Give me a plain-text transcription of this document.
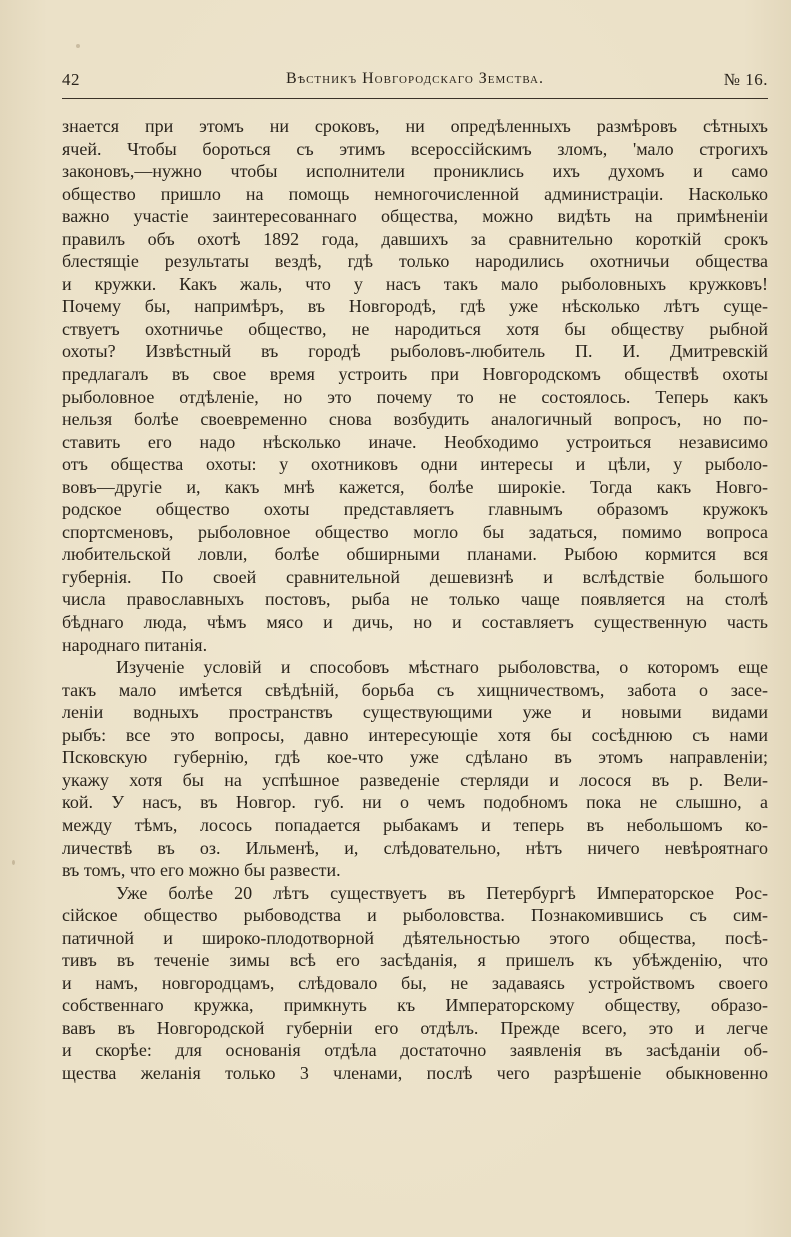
42	Вѣстникъ Новгородскаго Земства.	№ 16.
знается при этомъ ни сроковъ, ни опредѣленныхъ размѣровъ сѣтныхъ
ячей. Чтобы бороться съ этимъ всероссійскимъ зломъ, 'мало строгихъ
законовъ,—нужно чтобы исполнители прониклись ихъ духомъ и само
общество пришло на помощь немногочисленной администраціи. Насколько
важно участіе заинтересованнаго общества, можно видѣть на примѣненіи
правилъ объ охотѣ 1892 года, давшихъ за сравнительно короткій срокъ
блестящіе результаты вездѣ, гдѣ только народились охотничьи общества
и кружки. Какъ жаль, что у насъ такъ мало рыболовныхъ кружковъ!
Почему бы, напримѣръ, въ Новгородѣ, гдѣ уже нѣсколько лѣтъ суще-
ствуетъ охотничье общество, не народиться хотя бы обществу рыбной
охоты? Извѣстный въ городѣ рыболовъ-любитель П. И. Дмитревскій
предлагалъ въ свое время устроить при Новгородскомъ обществѣ охоты
рыболовное отдѣленіе, но это почему то не состоялось. Теперь какъ
нельзя болѣе своевременно снова возбудить аналогичный вопросъ, но по-
ставить его надо нѣсколько иначе. Необходимо устроиться независимо
отъ общества охоты: у охотниковъ одни интересы и цѣли, у рыболо-
вовъ—другіе и, какъ мнѣ кажется, болѣе широкіе. Тогда какъ Новго-
родское общество охоты представляетъ главнымъ образомъ кружокъ
спортсменовъ, рыболовное общество могло бы задаться, помимо вопроса
любительской ловли, болѣе обширными планами. Рыбою кормится вся
губернія. По своей сравнительной дешевизнѣ и вслѣдствіе большого
числа православныхъ постовъ, рыба не только чаще появляется на столѣ
бѣднаго люда, чѣмъ мясо и дичь, но и составляетъ существенную часть
народнаго питанія.
Изученіе условій и способовъ мѣстнаго рыболовства, о которомъ еще
такъ мало имѣется свѣдѣній, борьба съ хищничествомъ, забота о засе-
леніи водныхъ пространствъ существующими уже и новыми видами
рыбъ: все это вопросы, давно интересующіе хотя бы сосѣднюю съ нами
Псковскую губернію, гдѣ кое-что уже сдѣлано въ этомъ направленіи;
укажу хотя бы на успѣшное разведеніе стерляди и лосося въ р. Вели-
кой. У насъ, въ Новгор. губ. ни о чемъ подобномъ пока не слышно, а
между тѣмъ, лосось попадается рыбакамъ и теперь въ небольшомъ ко-
личествѣ въ оз. Ильменѣ, и, слѣдовательно, нѣтъ ничего невѣроятнаго
въ томъ, что его можно бы развести.
Уже болѣе 20 лѣтъ существуетъ въ Петербургѣ Императорское Рос-
сійское общество рыбоводства и рыболовства. Познакомившись съ сим-
патичной и широко-плодотворной дѣятельностью этого общества, посѣ-
тивъ въ теченіе зимы всѣ его засѣданія, я пришелъ къ убѣжденію, что
и намъ, новгородцамъ, слѣдовало бы, не задаваясь устройствомъ своего
собственнаго кружка, примкнуть къ Императорскому обществу, образо-
вавъ въ Новгородской губерніи его отдѣлъ. Прежде всего, это и легче
и скорѣе: для основанія отдѣла достаточно заявленія въ засѣданіи об-
щества желанія только 3 членами, послѣ чего разрѣшеніе обыкновенно
